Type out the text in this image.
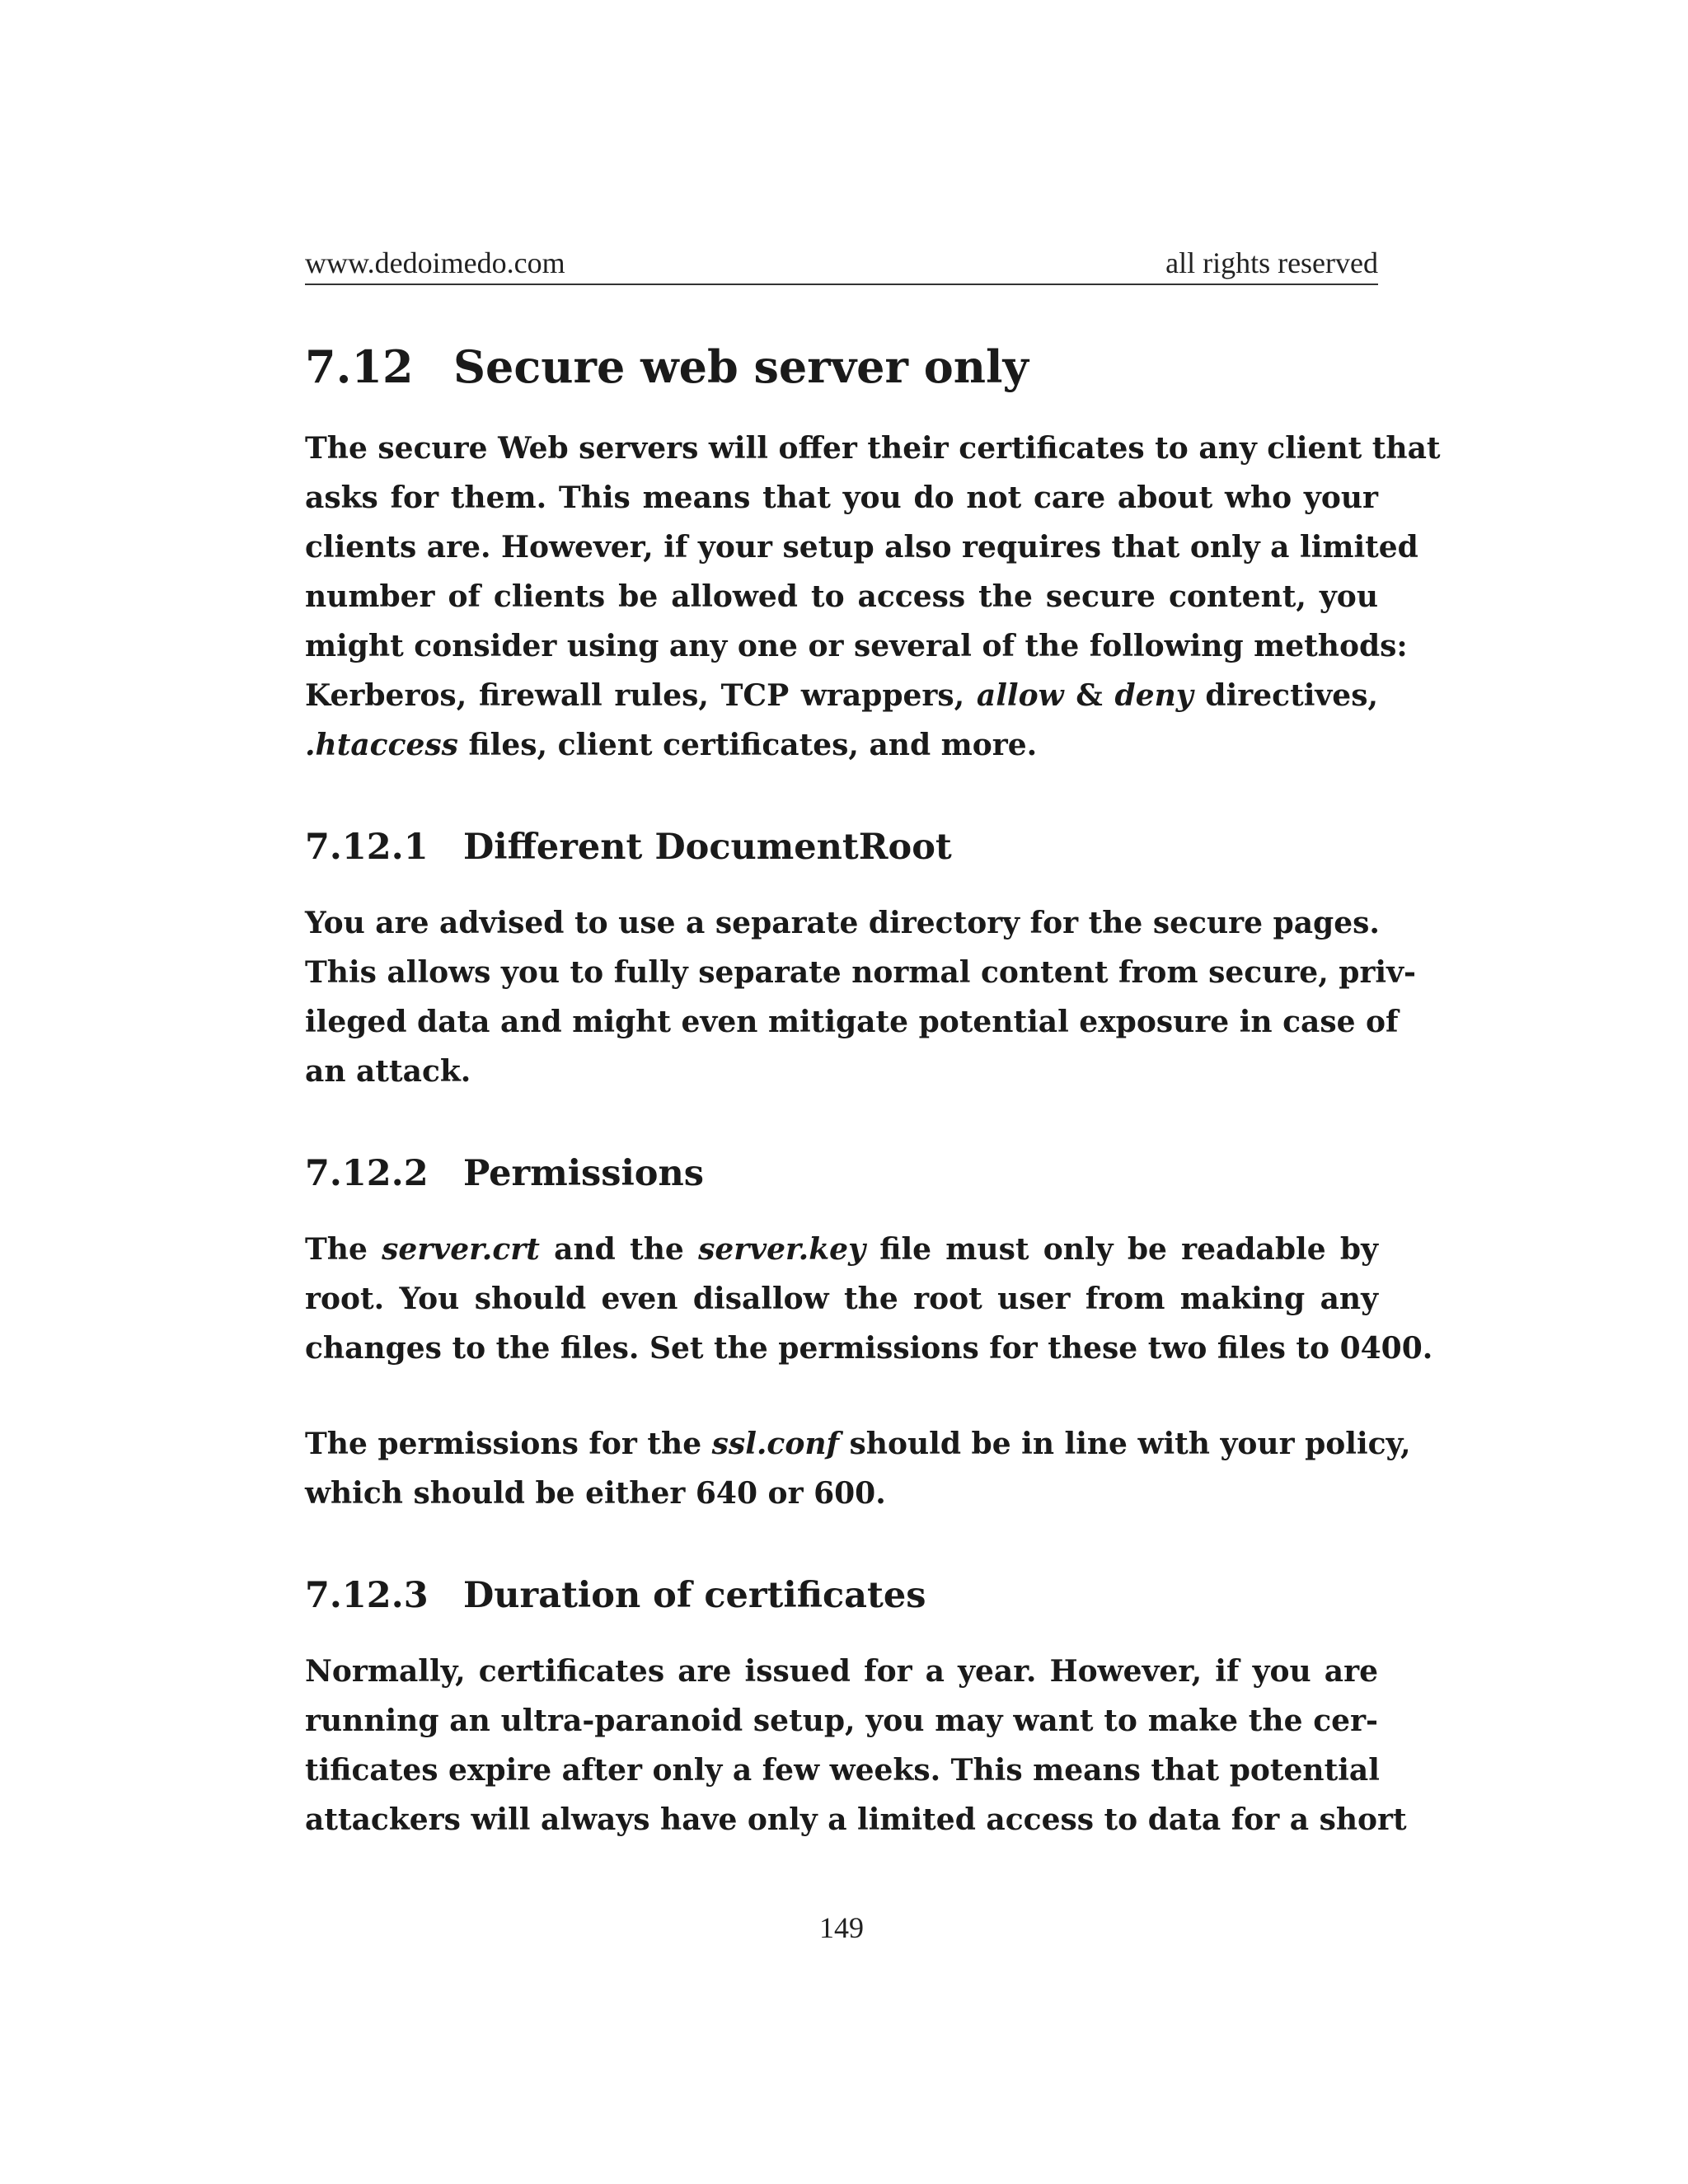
www.dedoimedo.com	all rights reserved
7.12 Secure web server only

The secure Web servers will offer their certificates to any client that
asks for them. This means that you do not care about who your
clients are. However, if your setup also requires that only a limited
number of clients be allowed to access the secure content, you
might consider using any one or several of the following methods:
Kerberos, firewall rules, TCP wrappers, allow & deny directives,
.htaccess files, client certificates, and more.

7.12.1 Different DocumentRoot

You are advised to use a separate directory for the secure pages.
This allows you to fully separate normal content from secure, priv-
ileged data and might even mitigate potential exposure in case of
an attack.

7.12.2 Permissions

The server.crt and the server.key file must only be readable by
root. You should even disallow the root user from making any
changes to the files. Set the permissions for these two files to 0400.

The permissions for the ssl.conf should be in line with your policy,
which should be either 640 or 600.

7.12.3 Duration of certificates

Normally, certificates are issued for a year. However, if you are
running an ultra-paranoid setup, you may want to make the cer-
tificates expire after only a few weeks. This means that potential
attackers will always have only a limited access to data for a short

149
